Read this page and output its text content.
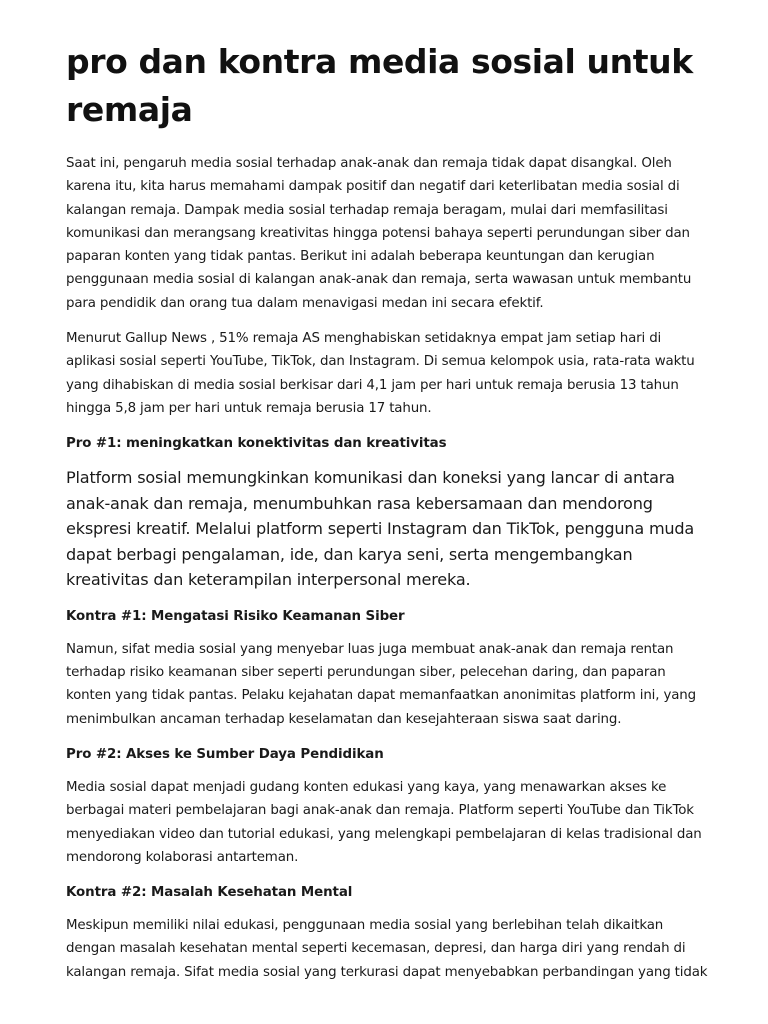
pro dan kontra media sosial untuk remaja

Saat ini, pengaruh media sosial terhadap anak-anak dan remaja tidak dapat disangkal. Oleh karena itu, kita harus memahami dampak positif dan negatif dari keterlibatan media sosial di kalangan remaja. Dampak media sosial terhadap remaja beragam, mulai dari memfasilitasi komunikasi dan merangsang kreativitas hingga potensi bahaya seperti perundungan siber dan paparan konten yang tidak pantas. Berikut ini adalah beberapa keuntungan dan kerugian penggunaan media sosial di kalangan anak-anak dan remaja, serta wawasan untuk membantu para pendidik dan orang tua dalam menavigasi medan ini secara efektif.

Menurut Gallup News , 51% remaja AS menghabiskan setidaknya empat jam setiap hari di aplikasi sosial seperti YouTube, TikTok, dan Instagram. Di semua kelompok usia, rata-rata waktu yang dihabiskan di media sosial berkisar dari 4,1 jam per hari untuk remaja berusia 13 tahun hingga 5,8 jam per hari untuk remaja berusia 17 tahun.

Pro #1: meningkatkan konektivitas dan kreativitas

Platform sosial memungkinkan komunikasi dan koneksi yang lancar di antara anak-anak dan remaja, menumbuhkan rasa kebersamaan dan mendorong ekspresi kreatif. Melalui platform seperti Instagram dan TikTok, pengguna muda dapat berbagi pengalaman, ide, dan karya seni, serta mengembangkan kreativitas dan keterampilan interpersonal mereka.

Kontra #1: Mengatasi Risiko Keamanan Siber

Namun, sifat media sosial yang menyebar luas juga membuat anak-anak dan remaja rentan terhadap risiko keamanan siber seperti perundungan siber, pelecehan daring, dan paparan konten yang tidak pantas. Pelaku kejahatan dapat memanfaatkan anonimitas platform ini, yang menimbulkan ancaman terhadap keselamatan dan kesejahteraan siswa saat daring.

Pro #2: Akses ke Sumber Daya Pendidikan

Media sosial dapat menjadi gudang konten edukasi yang kaya, yang menawarkan akses ke berbagai materi pembelajaran bagi anak-anak dan remaja. Platform seperti YouTube dan TikTok menyediakan video dan tutorial edukasi, yang melengkapi pembelajaran di kelas tradisional dan mendorong kolaborasi antarteman.

Kontra #2: Masalah Kesehatan Mental

Meskipun memiliki nilai edukasi, penggunaan media sosial yang berlebihan telah dikaitkan dengan masalah kesehatan mental seperti kecemasan, depresi, dan harga diri yang rendah di kalangan remaja. Sifat media sosial yang terkurasi dapat menyebabkan perbandingan yang tidak
